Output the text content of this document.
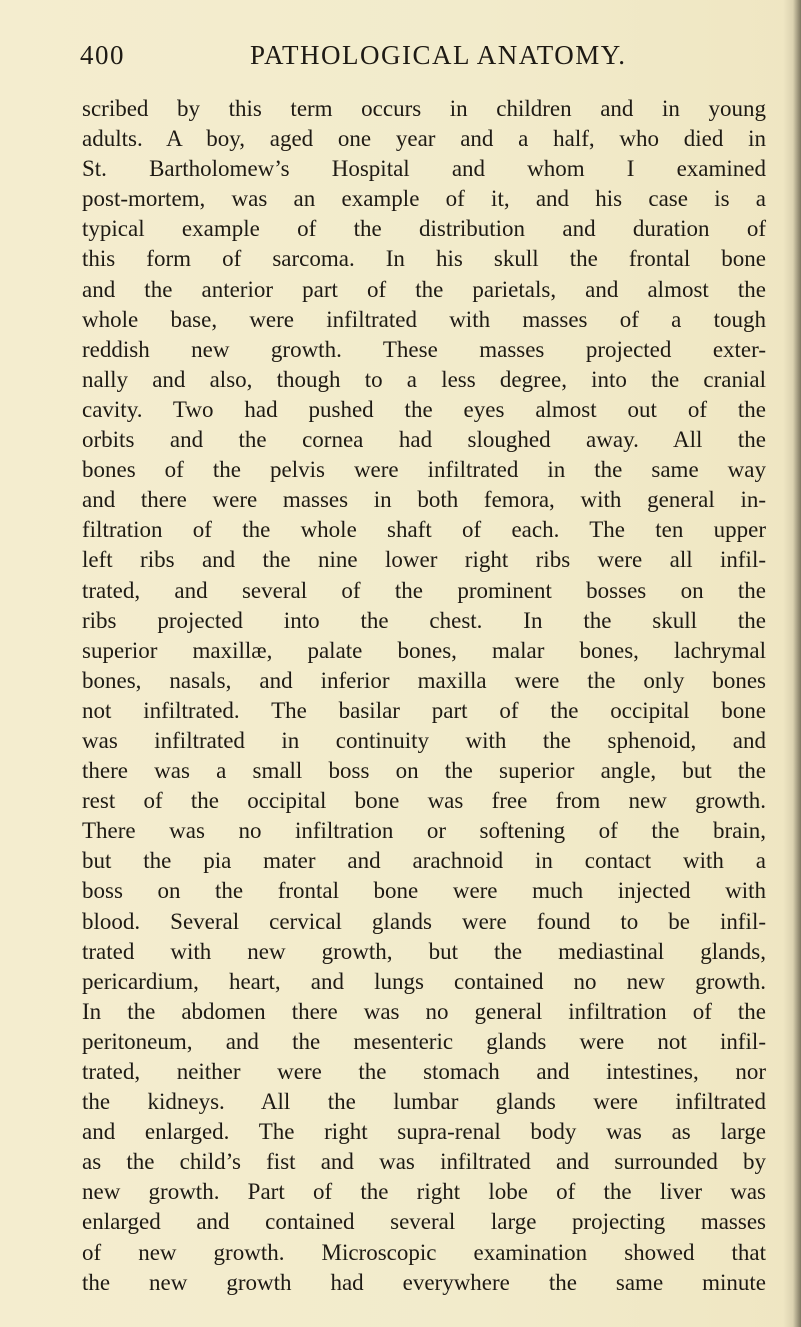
400	PATHOLOGICAL ANATOMY.
scribed by this term occurs in children and in young
adults. A boy, aged one year and a half, who died in
St. Bartholomew’s Hospital and whom I examined
post-mortem, was an example of it, and his case is a
typical example of the distribution and duration of
this form of sarcoma. In his skull the frontal bone
and the anterior part of the parietals, and almost the
whole base, were infiltrated with masses of a tough
reddish new growth. These masses projected exter-
nally and also, though to a less degree, into the cranial
cavity. Two had pushed the eyes almost out of the
orbits and the cornea had sloughed away. All the
bones of the pelvis were infiltrated in the same way
and there were masses in both femora, with general in-
filtration of the whole shaft of each. The ten upper
left ribs and the nine lower right ribs were all infil-
trated, and several of the prominent bosses on the
ribs projected into the chest. In the skull the
superior maxillæ, palate bones, malar bones, lachrymal
bones, nasals, and inferior maxilla were the only bones
not infiltrated. The basilar part of the occipital bone
was infiltrated in continuity with the sphenoid, and
there was a small boss on the superior angle, but the
rest of the occipital bone was free from new growth.
There was no infiltration or softening of the brain,
but the pia mater and arachnoid in contact with a
boss on the frontal bone were much injected with
blood. Several cervical glands were found to be infil-
trated with new growth, but the mediastinal glands,
pericardium, heart, and lungs contained no new growth.
In the abdomen there was no general infiltration of the
peritoneum, and the mesenteric glands were not infil-
trated, neither were the stomach and intestines, nor
the kidneys. All the lumbar glands were infiltrated
and enlarged. The right supra-renal body was as large
as the child’s fist and was infiltrated and surrounded by
new growth. Part of the right lobe of the liver was
enlarged and contained several large projecting masses
of new growth. Microscopic examination showed that
the new growth had everywhere the same minute
